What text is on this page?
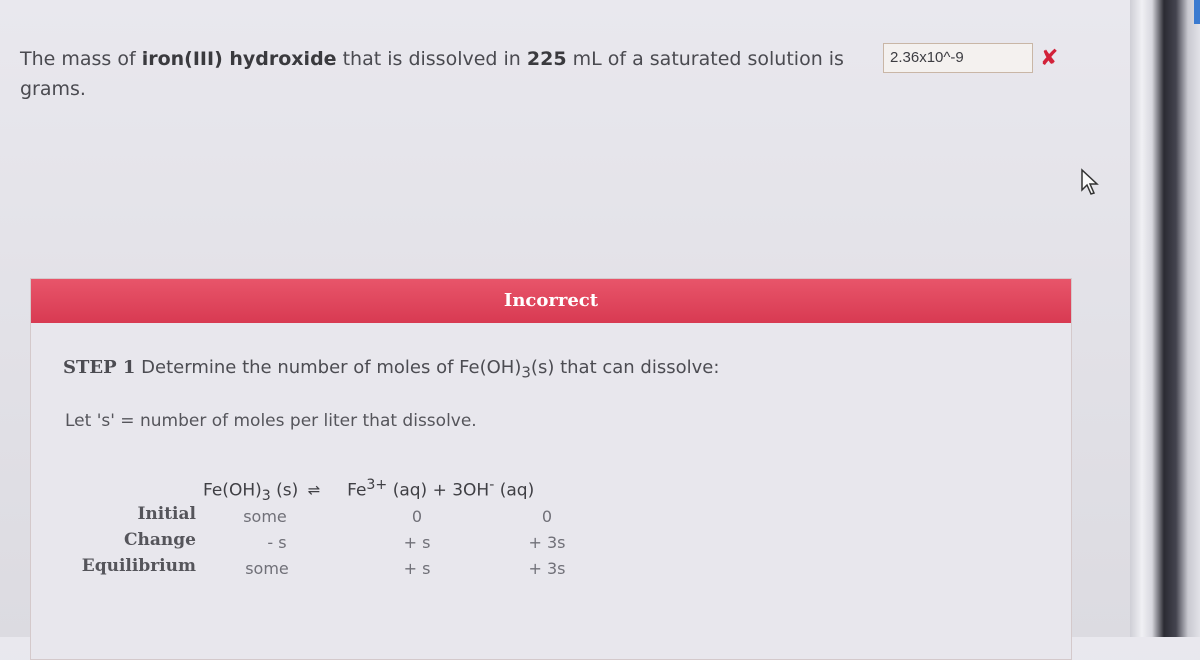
The mass of iron(III) hydroxide that is dissolved in 225 mL of a saturated solution is
grams.
2.36x10^-9	✘
Incorrect
STEP 1 Determine the number of moles of $Fe(OH)_3(s)$ that can dissolve:
Let 's' = number of moles per liter that dissolve.
$Fe(OH)_3$ (s) ⇌ $Fe^{3+}$ (aq) + 3OH- (aq)
Initial	some	0	0
Change	- s	+ s	+ 3s
Equilibrium	some	+ s	+ 3s
